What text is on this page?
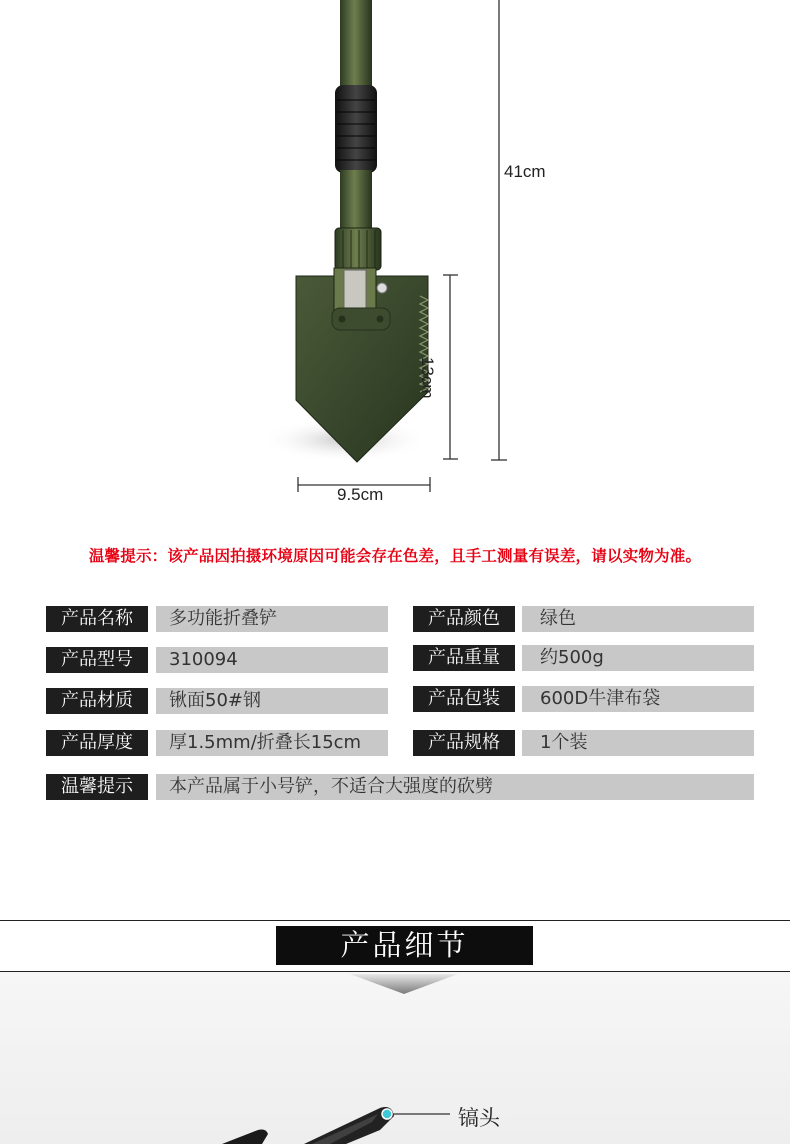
41cm
13cm
9.5cm
温馨提示：该产品因拍摄环境原因可能会存在色差，且手工测量有误差，请以实物为准。
产品名称	多功能折叠铲	产品颜色	绿色
产品型号	310094	产品重量	约500g
产品材质	锹面50#钢	产品包装	600D牛津布袋
产品厚度	厚1.5mm/折叠长15cm	产品规格	1个装
温馨提示	本产品属于小号铲，不适合大强度的砍劈
产品细节
镐头
